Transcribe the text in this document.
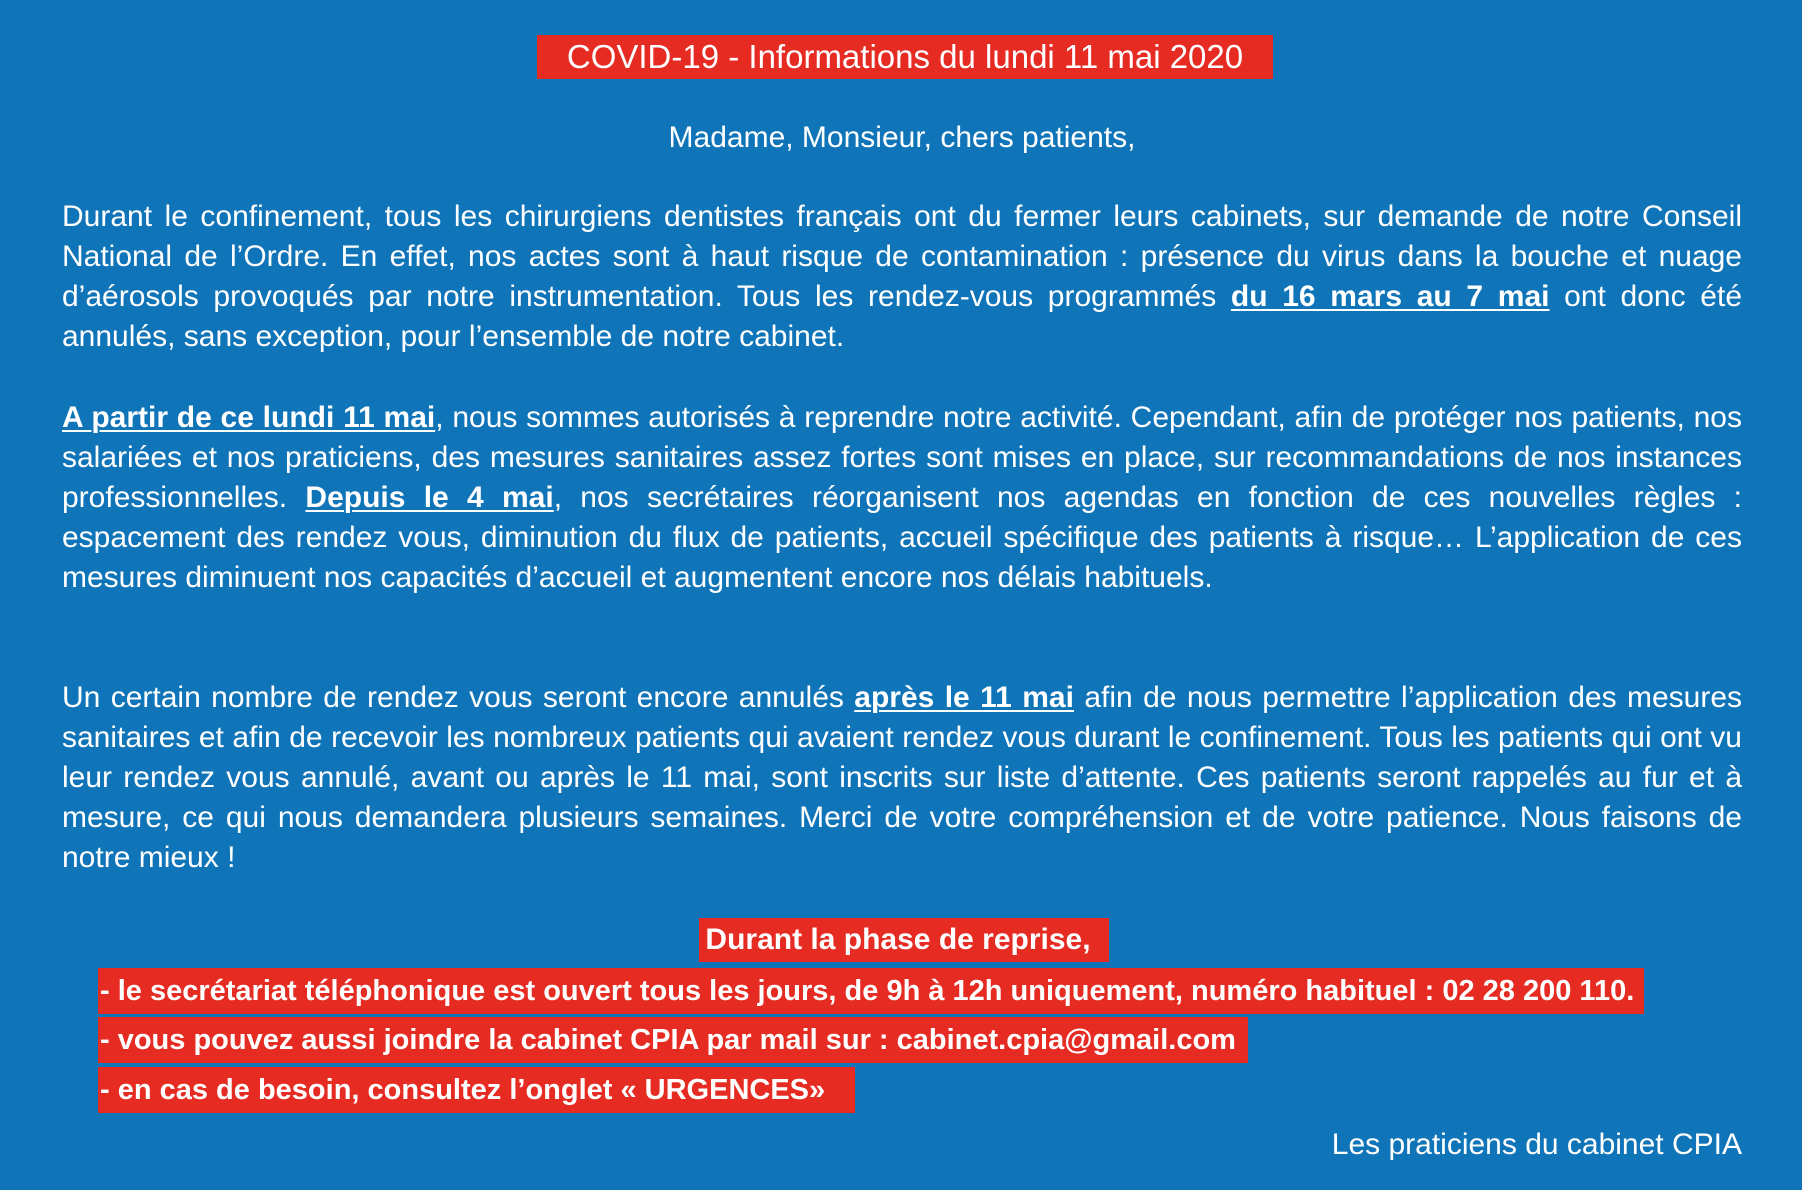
COVID-19 - Informations du lundi 11 mai 2020
Madame, Monsieur, chers patients,

Durant le confinement, tous les chirurgiens dentistes français ont du fermer leurs cabinets, sur demande de notre Conseil National de l’Ordre. En effet, nos actes sont à haut risque de contamination : présence du virus dans la bouche et nuage d’aérosols provoqués par notre instrumentation. Tous les rendez-vous programmés du 16 mars au 7 mai ont donc été annulés, sans exception, pour l’ensemble de notre cabinet.

A partir de ce lundi 11 mai, nous sommes autorisés à reprendre notre activité. Cependant, afin de protéger nos patients, nos salariées et nos praticiens, des mesures sanitaires assez fortes sont mises en place, sur recommandations de nos instances professionnelles. Depuis le 4 mai, nos secrétaires réorganisent nos agendas en fonction de ces nouvelles règles : espacement des rendez vous, diminution du flux de patients, accueil spécifique des patients à risque… L’application de ces mesures diminuent nos capacités d’accueil et augmentent encore nos délais habituels.

Un certain nombre de rendez vous seront encore annulés après le 11 mai afin de nous permettre l’application des mesures sanitaires et afin de recevoir les nombreux patients qui avaient rendez vous durant le confinement. Tous les patients qui ont vu leur rendez vous annulé, avant ou après le 11 mai, sont inscrits sur liste d’attente. Ces patients seront rappelés au fur et à mesure, ce qui nous demandera plusieurs semaines. Merci de votre compréhension et de votre patience. Nous faisons de notre mieux !

Durant la phase de reprise,
- le secrétariat téléphonique est ouvert tous les jours, de 9h à 12h uniquement, numéro habituel : 02 28 200 110.
- vous pouvez aussi joindre la cabinet CPIA par mail sur : cabinet.cpia@gmail.com
- en cas de besoin, consultez l’onglet « URGENCES»
Les praticiens du cabinet CPIA
